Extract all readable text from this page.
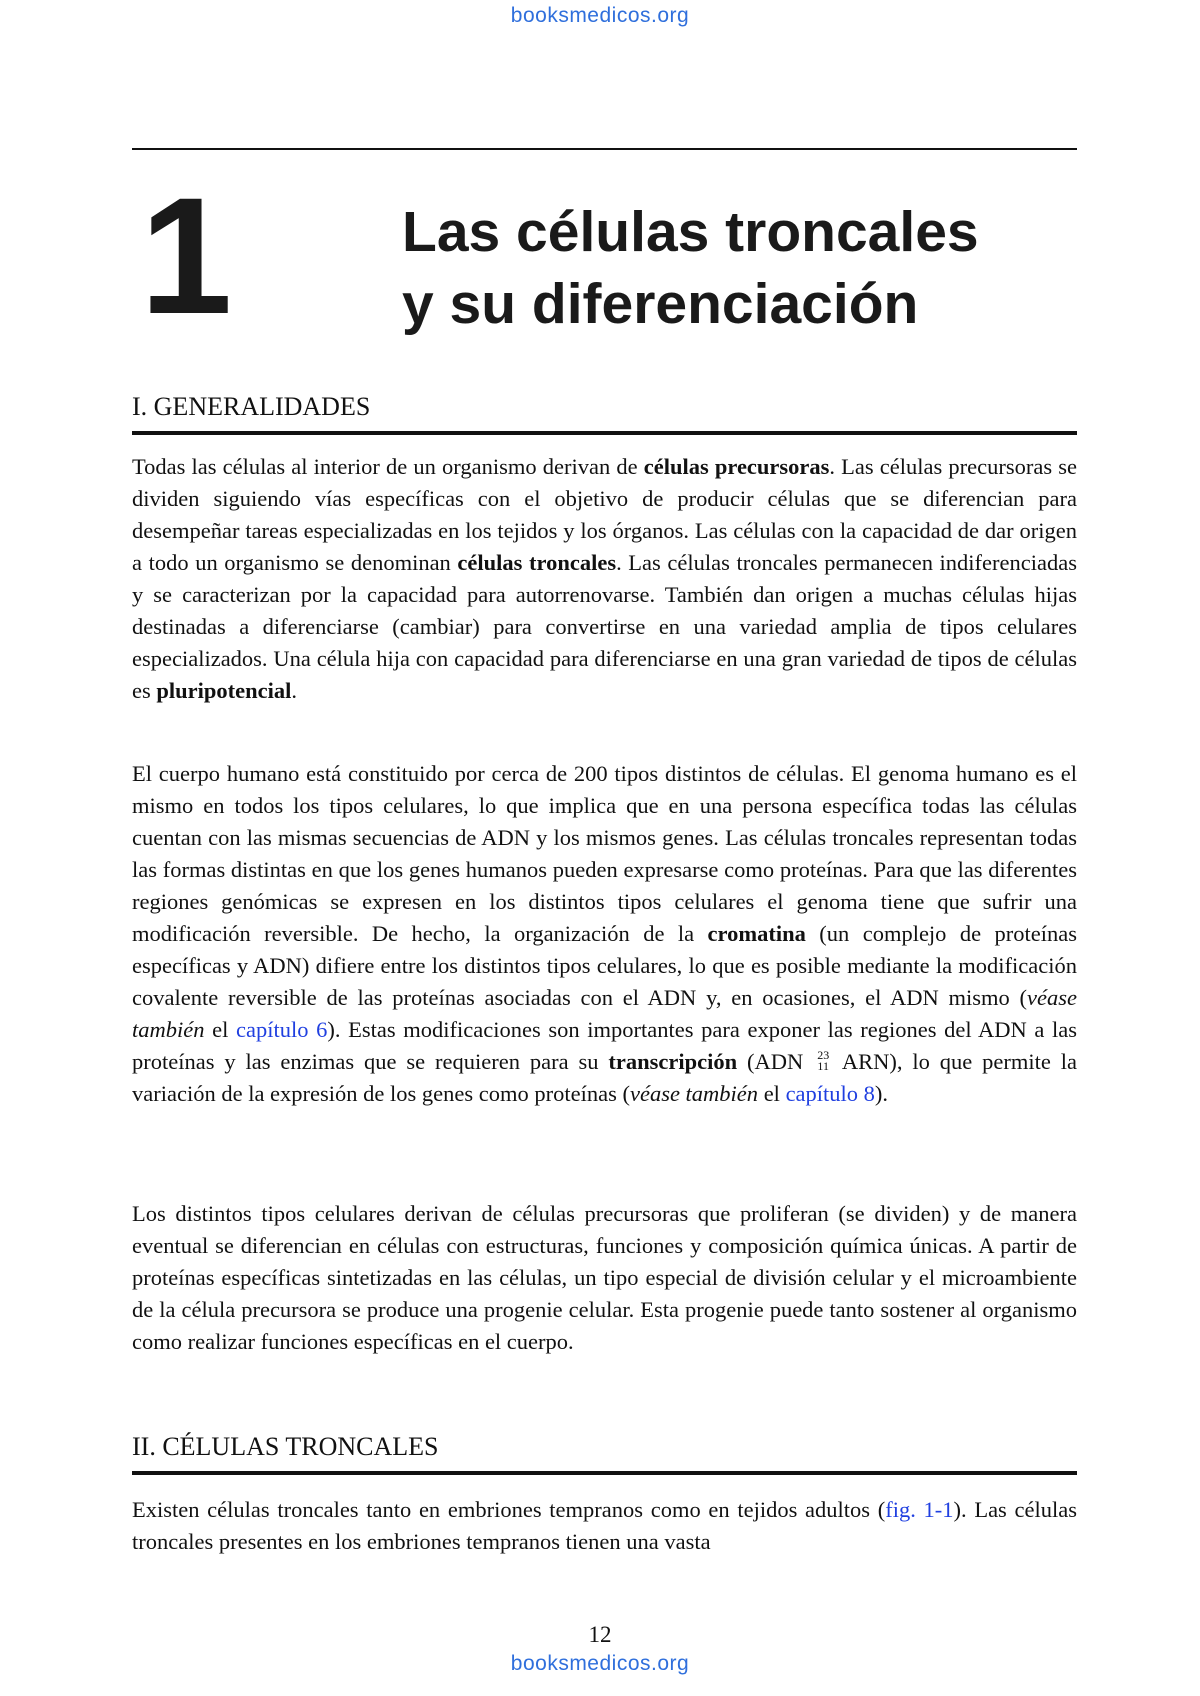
booksmedicos.org
1	Las células troncales
y su diferenciación
I. GENERALIDADES

Todas las células al interior de un organismo derivan de células precursoras. Las células precursoras se dividen siguiendo vías específicas con el objetivo de producir células que se diferencian para desempeñar tareas especializadas en los tejidos y los órganos. Las células con la capacidad de dar origen a todo un organismo se denominan células troncales. Las células troncales permanecen indiferenciadas y se caracterizan por la capacidad para autorrenovarse. También dan origen a muchas células hijas destinadas a diferenciarse (cambiar) para convertirse en una variedad amplia de tipos celulares especializados. Una célula hija con capacidad para diferenciarse en una gran variedad de tipos de células es pluripotencial.

El cuerpo humano está constituido por cerca de 200 tipos distintos de células. El genoma humano es el mismo en todos los tipos celulares, lo que implica que en una persona específica todas las células cuentan con las mismas secuencias de ADN y los mismos genes. Las células troncales representan todas las formas distintas en que los genes humanos pueden expresarse como proteínas. Para que las diferentes regiones genómicas se expresen en los distintos tipos celulares el genoma tiene que sufrir una modificación reversible. De hecho, la organización de la cromatina (un complejo de proteínas específicas y ADN) difiere entre los distintos tipos celulares, lo que es posible mediante la modificación covalente reversible de las proteínas asociadas con el ADN y, en ocasiones, el ADN mismo (véase también el capítulo 6). Estas modificaciones son importantes para exponer las regiones del ADN a las proteínas y las enzimas que se requieren para su transcripción (ADN 23
11 ARN), lo que permite la variación de la expresión de los genes como proteínas (véase también el capítulo 8).

Los distintos tipos celulares derivan de células precursoras que proliferan (se dividen) y de manera eventual se diferencian en células con estructuras, funciones y composición química únicas. A partir de proteínas específicas sintetizadas en las células, un tipo especial de división celular y el microambiente de la célula precursora se produce una progenie celular. Esta progenie puede tanto sostener al organismo como realizar funciones específicas en el cuerpo.

II. CÉLULAS TRONCALES

Existen células troncales tanto en embriones tempranos como en tejidos adultos (fig. 1-1). Las células troncales presentes en los embriones tempranos tienen una vasta

12
booksmedicos.org
